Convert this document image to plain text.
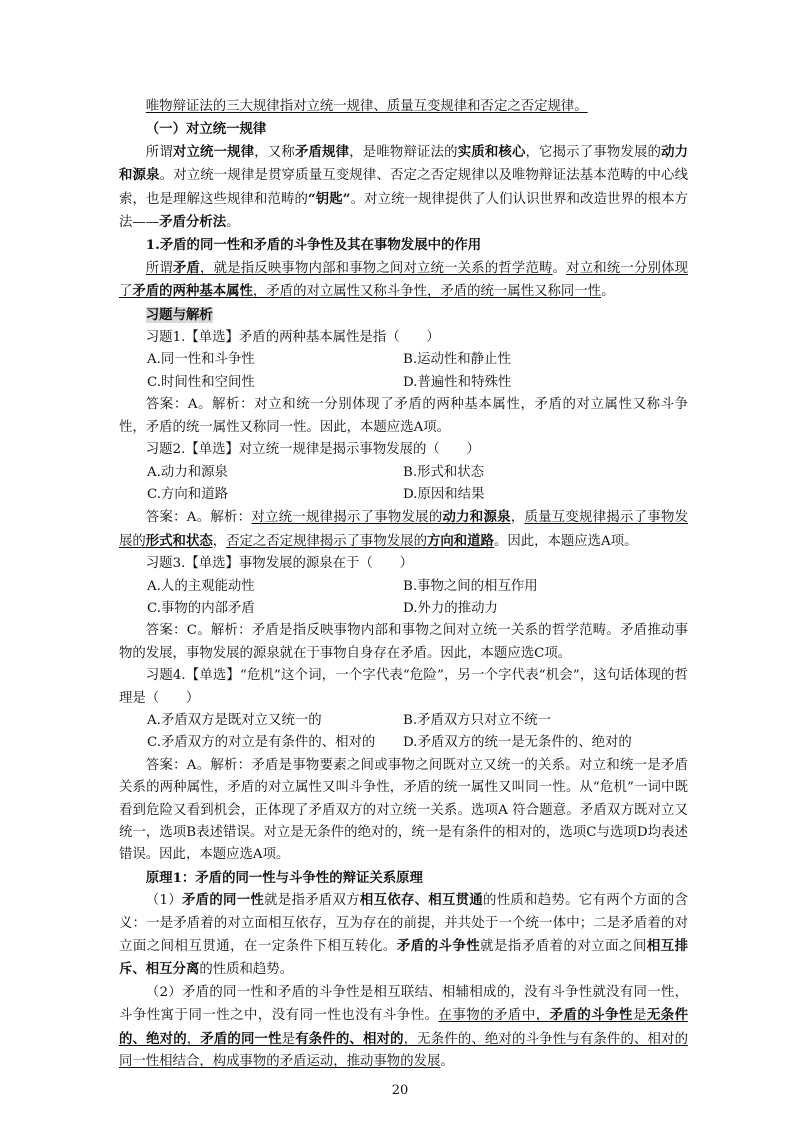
唯物辩证法的三大规律指对立统一规律、质量互变规律和否定之否定规律。

（一）对立统一规律

所谓对立统一规律，又称矛盾规律，是唯物辩证法的实质和核心，它揭示了事物发展的动力和源泉。对立统一规律是贯穿质量互变规律、否定之否定规律以及唯物辩证法基本范畴的中心线索，也是理解这些规律和范畴的“钥匙”。对立统一规律提供了人们认识世界和改造世界的根本方法——矛盾分析法。

1.矛盾的同一性和矛盾的斗争性及其在事物发展中的作用

所谓矛盾，就是指反映事物内部和事物之间对立统一关系的哲学范畴。对立和统一分别体现了矛盾的两种基本属性，矛盾的对立属性又称斗争性，矛盾的统一属性又称同一性。

习题与解析

习题1.【单选】矛盾的两种基本属性是指（　　）

A.同一性和斗争性	B.运动性和静止性
C.时间性和空间性	D.普遍性和特殊性

答案：A。解析：对立和统一分别体现了矛盾的两种基本属性，矛盾的对立属性又称斗争性，矛盾的统一属性又称同一性。因此，本题应选A项。

习题2.【单选】对立统一规律是揭示事物发展的（　　）

A.动力和源泉	B.形式和状态
C.方向和道路	D.原因和结果

答案：A。解析：对立统一规律揭示了事物发展的动力和源泉，质量互变规律揭示了事物发展的形式和状态，否定之否定规律揭示了事物发展的方向和道路。因此，本题应选A项。

习题3.【单选】事物发展的源泉在于（　　）

A.人的主观能动性	B.事物之间的相互作用
C.事物的内部矛盾	D.外力的推动力

答案：C。解析：矛盾是指反映事物内部和事物之间对立统一关系的哲学范畴。矛盾推动事物的发展，事物发展的源泉就在于事物自身存在矛盾。因此，本题应选C项。

习题4.【单选】“危机”这个词，一个字代表“危险”，另一个字代表“机会”，这句话体现的哲理是（　　）

A.矛盾双方是既对立又统一的	B.矛盾双方只对立不统一
C.矛盾双方的对立是有条件的、相对的	D.矛盾双方的统一是无条件的、绝对的

答案：A。解析：矛盾是事物要素之间或事物之间既对立又统一的关系。对立和统一是矛盾关系的两种属性，矛盾的对立属性又叫斗争性，矛盾的统一属性又叫同一性。从“危机”一词中既看到危险又看到机会，正体现了矛盾双方的对立统一关系。选项A 符合题意。矛盾双方既对立又统一，选项B表述错误。对立是无条件的绝对的，统一是有条件的相对的，选项C与选项D均表述错误。因此，本题应选A项。

原理1：矛盾的同一性与斗争性的辩证关系原理

（1）矛盾的同一性就是指矛盾双方相互依存、相互贯通的性质和趋势。它有两个方面的含义：一是矛盾着的对立面相互依存，互为存在的前提，并共处于一个统一体中；二是矛盾着的对立面之间相互贯通，在一定条件下相互转化。矛盾的斗争性就是指矛盾着的对立面之间相互排斥、相互分离的性质和趋势。

（2）矛盾的同一性和矛盾的斗争性是相互联结、相辅相成的，没有斗争性就没有同一性，斗争性寓于同一性之中，没有同一性也没有斗争性。在事物的矛盾中，矛盾的斗争性是无条件的、绝对的，矛盾的同一性是有条件的、相对的，无条件的、绝对的斗争性与有条件的、相对的同一性相结合，构成事物的矛盾运动，推动事物的发展。

20
